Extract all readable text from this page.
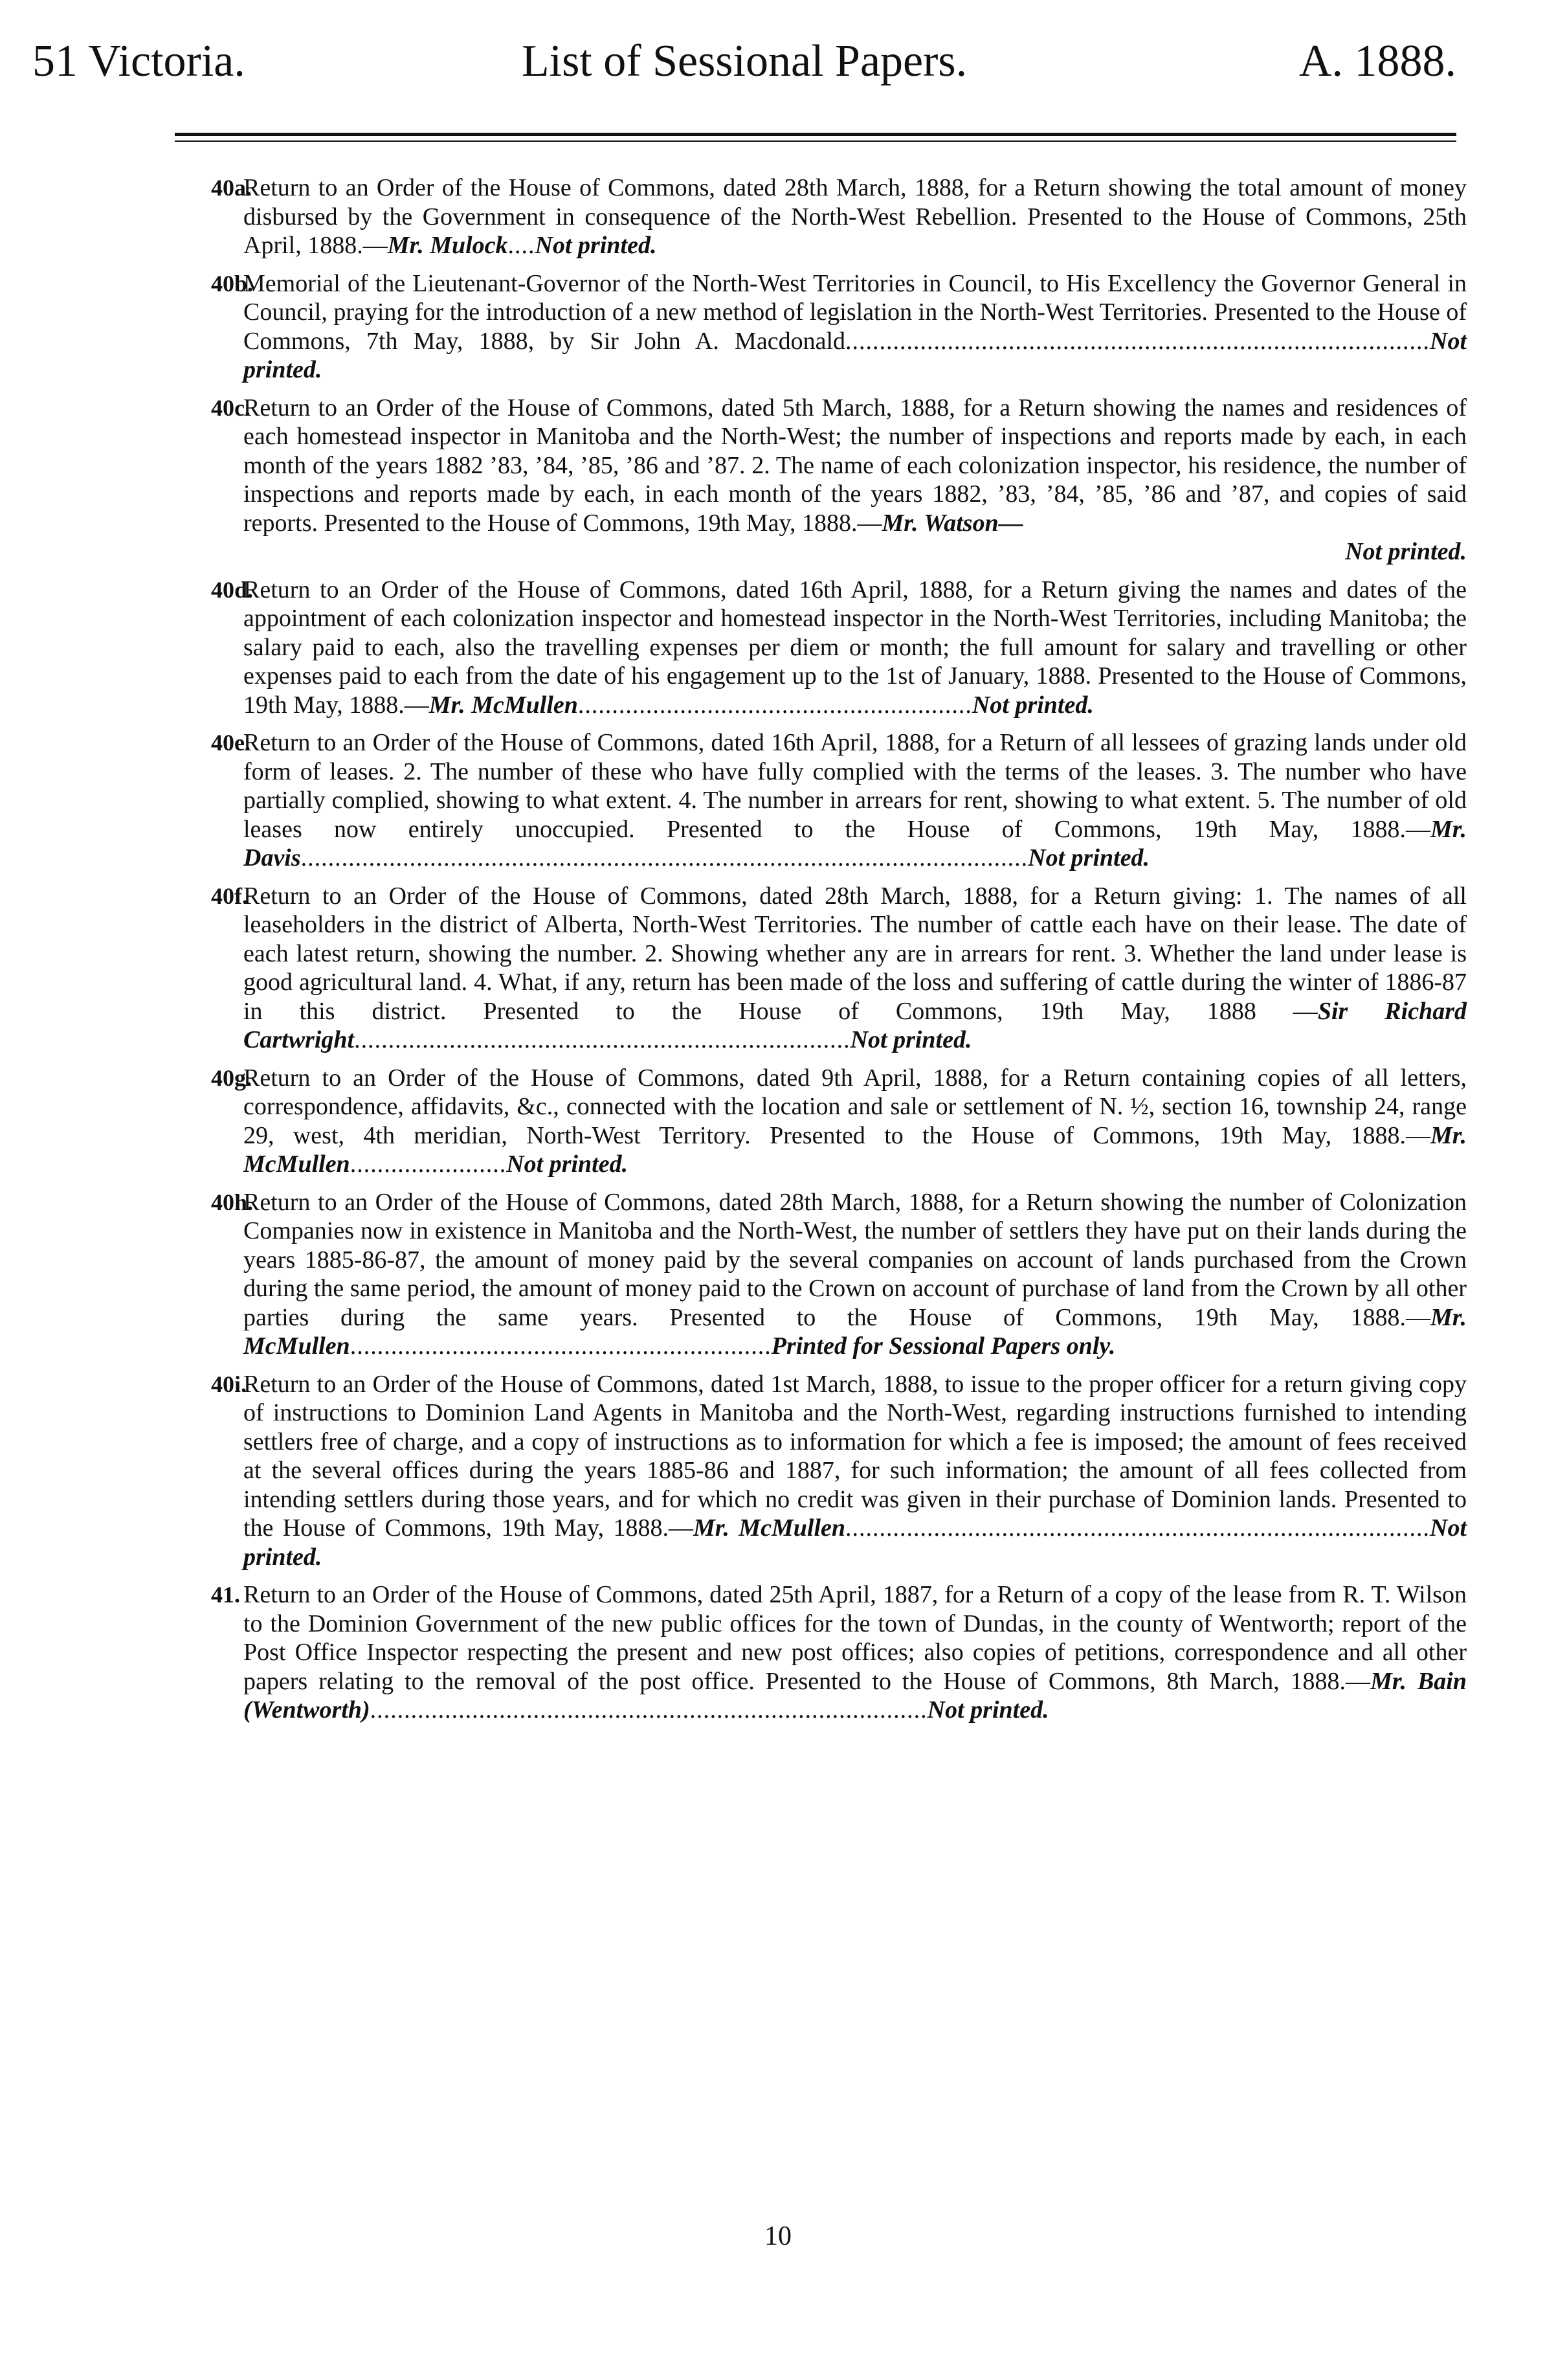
51 Victoria.	List of Sessional Papers.	A. 1888.
40a.
Return to an Order of the House of Commons, dated 28th March, 1888, for a Return showing the total amount of money disbursed by the Government in consequence of the North-West Rebellion. Presented to the House of Commons, 25th April, 1888.—Mr. Mulock....Not printed.
40b.
Memorial of the Lieutenant-Governor of the North-West Territories in Council, to His Excellency the Governor General in Council, praying for the introduction of a new method of legislation in the North-West Territories. Presented to the House of Commons, 7th May, 1888, by Sir John A. Macdonald......................................................................................Not printed.
40c.
Return to an Order of the House of Commons, dated 5th March, 1888, for a Return showing the names and residences of each homestead inspector in Manitoba and the North-West; the number of inspections and reports made by each, in each month of the years 1882 ’83, ’84, ’85, ’86 and ’87. 2. The name of each colonization inspector, his residence, the number of inspections and reports made by each, in each month of the years 1882, ’83, ’84, ’85, ’86 and ’87, and copies of said reports. Presented to the House of Commons, 19th May, 1888.—Mr. Watson—
Not printed.
40d.
Return to an Order of the House of Commons, dated 16th April, 1888, for a Return giving the names and dates of the appointment of each colonization inspector and homestead inspector in the North-West Territories, including Manitoba; the salary paid to each, also the travelling expenses per diem or month; the full amount for salary and travelling or other expenses paid to each from the date of his engagement up to the 1st of January, 1888. Presented to the House of Commons, 19th May, 1888.—Mr. McMullen..........................................................Not printed.
40e.
Return to an Order of the House of Commons, dated 16th April, 1888, for a Return of all lessees of grazing lands under old form of leases. 2. The number of these who have fully complied with the terms of the leases. 3. The number who have partially complied, showing to what extent. 4. The number in arrears for rent, showing to what extent. 5. The number of old leases now entirely unoccupied. Presented to the House of Commons, 19th May, 1888.—Mr. Davis...........................................................................................................Not printed.
40f.
Return to an Order of the House of Commons, dated 28th March, 1888, for a Return giving: 1. The names of all leaseholders in the district of Alberta, North-West Territories. The number of cattle each have on their lease. The date of each latest return, showing the number. 2. Showing whether any are in arrears for rent. 3. Whether the land under lease is good agricultural land. 4. What, if any, return has been made of the loss and suffering of cattle during the winter of 1886-87 in this district. Presented to the House of Commons, 19th May, 1888 —Sir Richard Cartwright.........................................................................Not printed.
40g.
Return to an Order of the House of Commons, dated 9th April, 1888, for a Return containing copies of all letters, correspondence, affidavits, &c., connected with the location and sale or settlement of N. ½, section 16, township 24, range 29, west, 4th meridian, North-West Territory. Presented to the House of Commons, 19th May, 1888.—Mr. McMullen.......................Not printed.
40h.
Return to an Order of the House of Commons, dated 28th March, 1888, for a Return showing the number of Colonization Companies now in existence in Manitoba and the North-West, the number of settlers they have put on their lands during the years 1885-86-87, the amount of money paid by the several companies on account of lands purchased from the Crown during the same period, the amount of money paid to the Crown on account of purchase of land from the Crown by all other parties during the same years. Presented to the House of Commons, 19th May, 1888.—Mr. McMullen..............................................................Printed for Sessional Papers only.
40i.
Return to an Order of the House of Commons, dated 1st March, 1888, to issue to the proper officer for a return giving copy of instructions to Dominion Land Agents in Manitoba and the North-West, regarding instructions furnished to intending settlers free of charge, and a copy of instructions as to information for which a fee is imposed; the amount of fees received at the several offices during the years 1885-86 and 1887, for such information; the amount of all fees collected from intending settlers during those years, and for which no credit was given in their purchase of Dominion lands. Presented to the House of Commons, 19th May, 1888.—Mr. McMullen......................................................................................Not printed.
41. Return to an Order of the House of Commons, dated 25th April, 1887, for a Return of a copy of the lease from R. T. Wilson to the Dominion Government of the new public offices for the town of Dundas, in the county of Wentworth; report of the Post Office Inspector respecting the present and new post offices; also copies of petitions, correspondence and all other papers relating to the removal of the post office. Presented to the House of Commons, 8th March, 1888.—Mr. Bain (Wentworth)..................................................................................Not printed.
10
